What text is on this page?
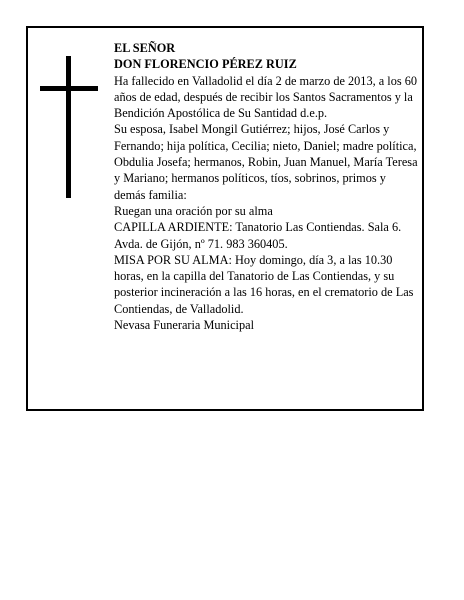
EL SEÑOR

DON FLORENCIO PÉREZ RUIZ

Ha fallecido en Valladolid el día 2 de marzo de 2013, a los 60 años de edad, después de recibir los Santos Sacramentos y la Bendición Apostólica de Su Santidad d.e.p.

Su esposa, Isabel Mongil Gutiérrez; hijos, José Carlos y Fernando; hija política, Cecilia; nieto, Daniel; madre política, Obdulia Josefa; hermanos, Robin, Juan Manuel, María Teresa y Mariano; hermanos políticos, tíos, sobrinos, primos y demás familia:

Ruegan una oración por su alma

CAPILLA ARDIENTE: Tanatorio Las Contiendas. Sala 6. Avda. de Gijón, nº 71. 983 360405.

MISA POR SU ALMA: Hoy domingo, día 3, a las 10.30 horas, en la capilla del Tanatorio de Las Contiendas, y su posterior incineración a las 16 horas, en el crematorio de Las Contiendas, de Valladolid.

Nevasa Funeraria Municipal
